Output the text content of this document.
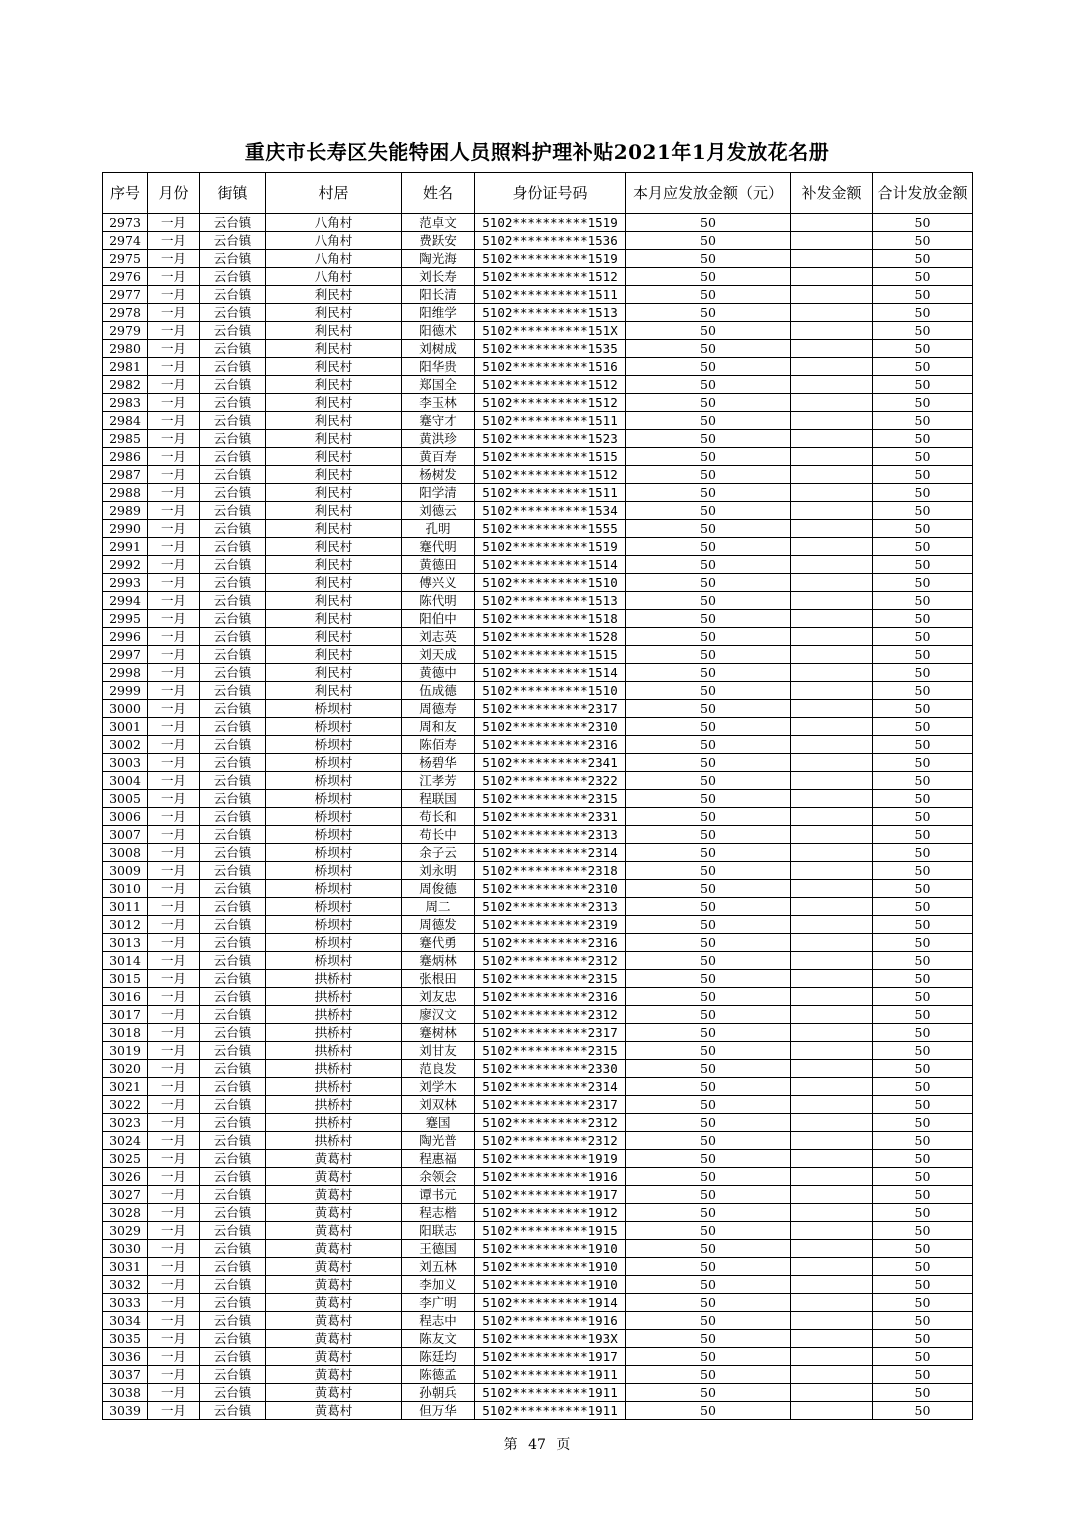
重庆市长寿区失能特困人员照料护理补贴2021年1月发放花名册
序号	月份	街镇	村居	姓名	身份证号码	本月应发放金额（元）	补发金额	合计发放金额
2973	一月	云台镇	八角村	范卓文	5102**********1519	50		50
2974	一月	云台镇	八角村	费跃安	5102**********1536	50		50
2975	一月	云台镇	八角村	陶光海	5102**********1519	50		50
2976	一月	云台镇	八角村	刘长寿	5102**********1512	50		50
2977	一月	云台镇	利民村	阳长清	5102**********1511	50		50
2978	一月	云台镇	利民村	阳维学	5102**********1513	50		50
2979	一月	云台镇	利民村	阳德术	5102**********151X	50		50
2980	一月	云台镇	利民村	刘树成	5102**********1535	50		50
2981	一月	云台镇	利民村	阳华贵	5102**********1516	50		50
2982	一月	云台镇	利民村	郑国全	5102**********1512	50		50
2983	一月	云台镇	利民村	李玉林	5102**********1512	50		50
2984	一月	云台镇	利民村	蹇守才	5102**********1511	50		50
2985	一月	云台镇	利民村	黄洪珍	5102**********1523	50		50
2986	一月	云台镇	利民村	黄百寿	5102**********1515	50		50
2987	一月	云台镇	利民村	杨树发	5102**********1512	50		50
2988	一月	云台镇	利民村	阳学清	5102**********1511	50		50
2989	一月	云台镇	利民村	刘德云	5102**********1534	50		50
2990	一月	云台镇	利民村	孔明	5102**********1555	50		50
2991	一月	云台镇	利民村	蹇代明	5102**********1519	50		50
2992	一月	云台镇	利民村	黄德田	5102**********1514	50		50
2993	一月	云台镇	利民村	傅兴义	5102**********1510	50		50
2994	一月	云台镇	利民村	陈代明	5102**********1513	50		50
2995	一月	云台镇	利民村	阳伯中	5102**********1518	50		50
2996	一月	云台镇	利民村	刘志英	5102**********1528	50		50
2997	一月	云台镇	利民村	刘天成	5102**********1515	50		50
2998	一月	云台镇	利民村	黄德中	5102**********1514	50		50
2999	一月	云台镇	利民村	伍成德	5102**********1510	50		50
3000	一月	云台镇	桥坝村	周德寿	5102**********2317	50		50
3001	一月	云台镇	桥坝村	周和友	5102**********2310	50		50
3002	一月	云台镇	桥坝村	陈佰寿	5102**********2316	50		50
3003	一月	云台镇	桥坝村	杨碧华	5102**********2341	50		50
3004	一月	云台镇	桥坝村	江孝芳	5102**********2322	50		50
3005	一月	云台镇	桥坝村	程联国	5102**********2315	50		50
3006	一月	云台镇	桥坝村	苟长和	5102**********2331	50		50
3007	一月	云台镇	桥坝村	苟长中	5102**********2313	50		50
3008	一月	云台镇	桥坝村	余子云	5102**********2314	50		50
3009	一月	云台镇	桥坝村	刘永明	5102**********2318	50		50
3010	一月	云台镇	桥坝村	周俊德	5102**********2310	50		50
3011	一月	云台镇	桥坝村	周二	5102**********2313	50		50
3012	一月	云台镇	桥坝村	周德发	5102**********2319	50		50
3013	一月	云台镇	桥坝村	蹇代勇	5102**********2316	50		50
3014	一月	云台镇	桥坝村	蹇炳林	5102**********2312	50		50
3015	一月	云台镇	拱桥村	张根田	5102**********2315	50		50
3016	一月	云台镇	拱桥村	刘友忠	5102**********2316	50		50
3017	一月	云台镇	拱桥村	廖汉文	5102**********2312	50		50
3018	一月	云台镇	拱桥村	蹇树林	5102**********2317	50		50
3019	一月	云台镇	拱桥村	刘甘友	5102**********2315	50		50
3020	一月	云台镇	拱桥村	范良发	5102**********2330	50		50
3021	一月	云台镇	拱桥村	刘学木	5102**********2314	50		50
3022	一月	云台镇	拱桥村	刘双林	5102**********2317	50		50
3023	一月	云台镇	拱桥村	蹇国	5102**********2312	50		50
3024	一月	云台镇	拱桥村	陶光普	5102**********2312	50		50
3025	一月	云台镇	黄葛村	程惠福	5102**********1919	50		50
3026	一月	云台镇	黄葛村	余领会	5102**********1916	50		50
3027	一月	云台镇	黄葛村	谭书元	5102**********1917	50		50
3028	一月	云台镇	黄葛村	程志楷	5102**********1912	50		50
3029	一月	云台镇	黄葛村	阳联志	5102**********1915	50		50
3030	一月	云台镇	黄葛村	王德国	5102**********1910	50		50
3031	一月	云台镇	黄葛村	刘五林	5102**********1910	50		50
3032	一月	云台镇	黄葛村	李加义	5102**********1910	50		50
3033	一月	云台镇	黄葛村	李广明	5102**********1914	50		50
3034	一月	云台镇	黄葛村	程志中	5102**********1916	50		50
3035	一月	云台镇	黄葛村	陈友文	5102**********193X	50		50
3036	一月	云台镇	黄葛村	陈廷均	5102**********1917	50		50
3037	一月	云台镇	黄葛村	陈德孟	5102**********1911	50		50
3038	一月	云台镇	黄葛村	孙朝兵	5102**********1911	50		50
3039	一月	云台镇	黄葛村	但万华	5102**********1911	50		50
第 47 页
